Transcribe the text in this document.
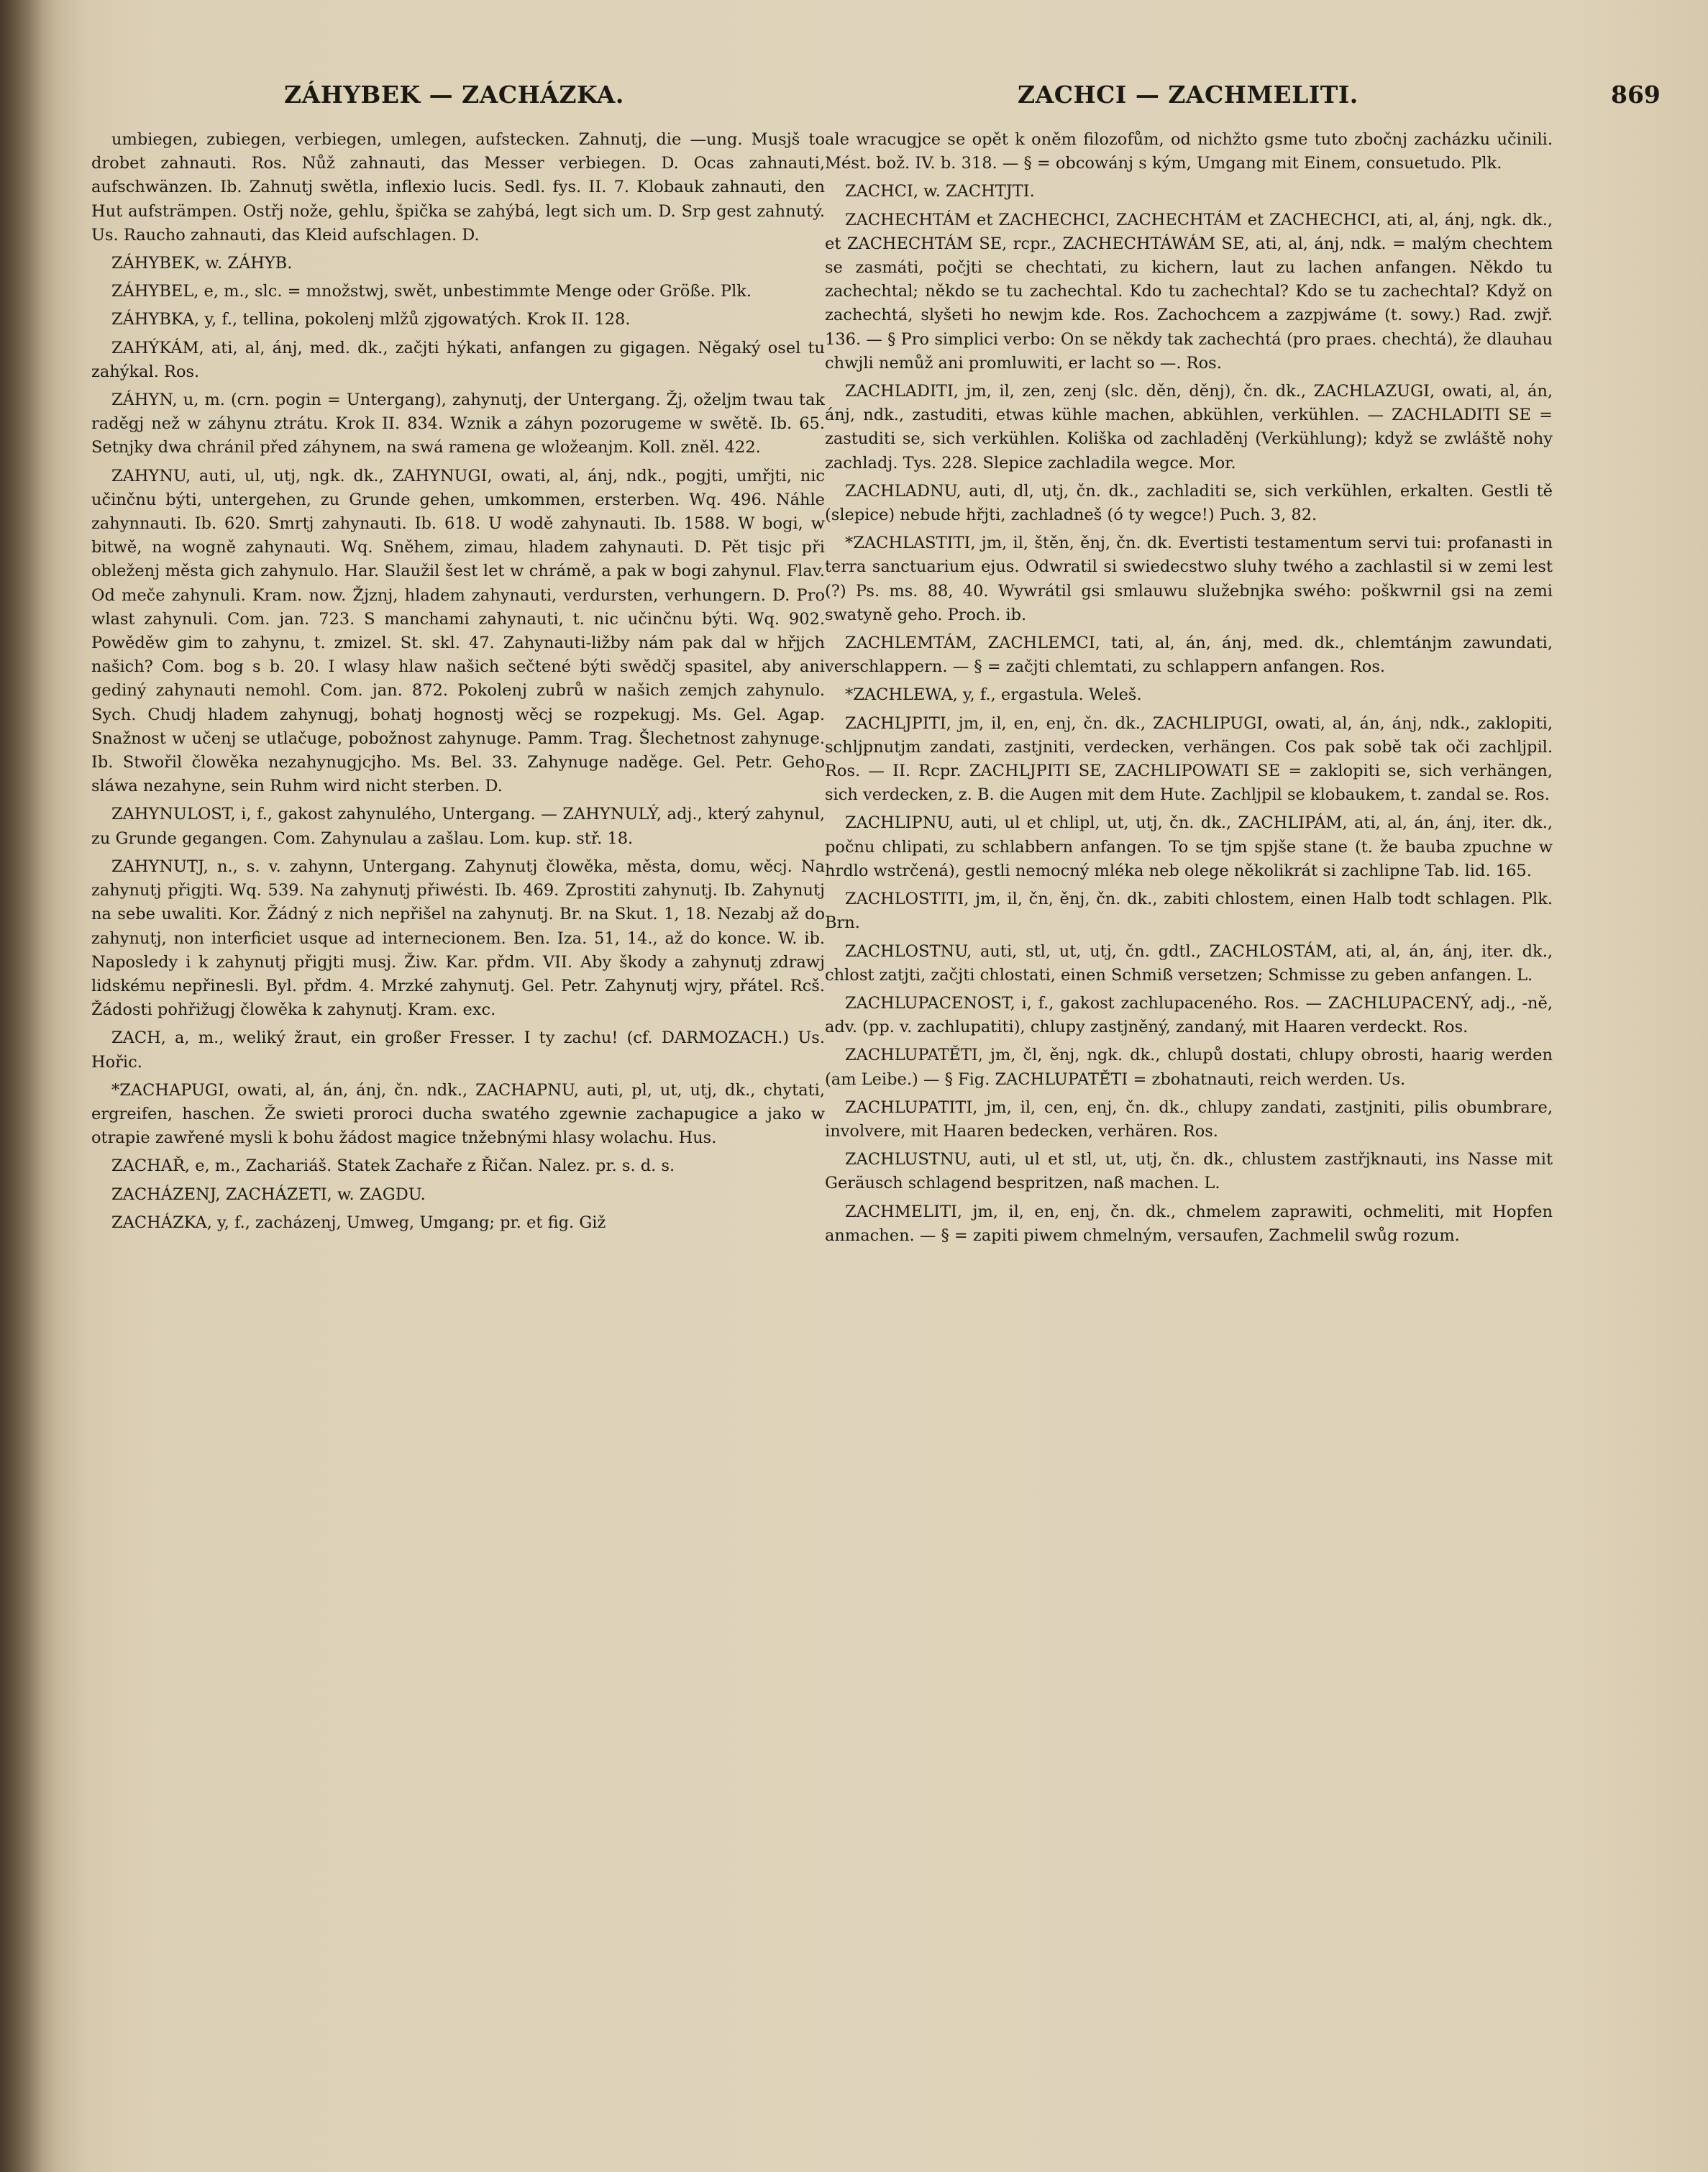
ZÁHYBEK — ZACHÁZKA.	ZACHCI — ZACHMELITI.	869

umbiegen, zubiegen, verbiegen, umlegen, aufstecken. Zahnutj, die —ung. Musjš to drobet zahnauti. Ros. Nůž zahnauti, das Messer verbiegen. D. Ocas zahnauti, aufschwänzen. Ib. Zahnutj swětla, inflexio lucis. Sedl. fys. II. 7. Klobauk zahnauti, den Hut aufsträmpen. Ostřj nože, gehlu, špička se zahýbá, legt sich um. D. Srp gest zahnutý. Us. Raucho zahnauti, das Kleid aufschlagen. D.

ZÁHYBEK, w. ZÁHYB.

ZÁHYBEL, e, m., slc. = množstwj, swět, unbestimmte Menge oder Größe. Plk.

ZÁHYBKA, y, f., tellina, pokolenj mlžů zjgowatých. Krok II. 128.

ZAHÝKÁM, ati, al, ánj, med. dk., začjti hýkati, anfangen zu gigagen. Něgaký osel tu zahýkal. Ros.

ZÁHYN, u, m. (crn. pogin = Untergang), zahynutj, der Untergang. Žj, oželjm twau tak raděgj než w záhynu ztrátu. Krok II. 834. Wznik a záhyn pozorugeme w swětě. Ib. 65. Setnjky dwa chránil před záhynem, na swá ramena ge wložeanjm. Koll. zněl. 422.

ZAHYNU, auti, ul, utj, ngk. dk., ZAHYNUGI, owati, al, ánj, ndk., pogjti, umřjti, nic učinčnu býti, untergehen, zu Grunde gehen, umkommen, ersterben. Wq. 496. Náhle zahynnauti. Ib. 620. Smrtj zahynauti. Ib. 618. U wodě zahynauti. Ib. 1588. W bogi, w bitwě, na wogně zahynauti. Wq. Sněhem, zimau, hladem zahynauti. D. Pět tisjc při obleženj města gich zahynulo. Har. Slaužil šest let w chrámě, a pak w bogi zahynul. Flav. Od meče zahynuli. Kram. now. Žjznj, hladem zahynauti, verdursten, verhungern. D. Pro wlast zahynuli. Com. jan. 723. S manchami zahynauti, t. nic učinčnu býti. Wq. 902. Powěděw gim to zahynu, t. zmizel. St. skl. 47. Zahynauti-ližby nám pak dal w hřjjch našich? Com. bog s b. 20. I wlasy hlaw našich sečtené býti swědčj spasitel, aby ani gediný zahynauti nemohl. Com. jan. 872. Pokolenj zubrů w našich zemjch zahynulo. Sych. Chudj hladem zahynugj, bohatj hognostj wěcj se rozpekugj. Ms. Gel. Agap. Snažnost w učenj se utlačuge, pobožnost zahynuge. Pamm. Trag. Šlechetnost zahynuge. Ib. Stwořil člowěka nezahynugjcjho. Ms. Bel. 33. Zahynuge naděge. Gel. Petr. Geho sláwa nezahyne, sein Ruhm wird nicht sterben. D.

ZAHYNULOST, i, f., gakost zahynulého, Untergang. — ZAHYNULÝ, adj., který zahynul, zu Grunde gegangen. Com. Zahynulau a zašlau. Lom. kup. stř. 18.

ZAHYNUTJ, n., s. v. zahynn, Untergang. Zahynutj člowěka, města, domu, wěcj. Na zahynutj přigjti. Wq. 539. Na zahynutj přiwésti. Ib. 469. Zprostiti zahynutj. Ib. Zahynutj na sebe uwaliti. Kor. Žádný z nich nepřišel na zahynutj. Br. na Skut. 1, 18. Nezabj až do zahynutj, non interficiet usque ad internecionem. Ben. Iza. 51, 14., až do konce. W. ib. Naposledy i k zahynutj přigjti musj. Žiw. Kar. přdm. VII. Aby škody a zahynutj zdrawj lidskému nepřinesli. Byl. přdm. 4. Mrzké zahynutj. Gel. Petr. Zahynutj wjry, přátel. Rcš. Žádosti pohřižugj člowěka k zahynutj. Kram. exc.

ZACH, a, m., weliký žraut, ein großer Fresser. I ty zachu! (cf. DARMOZACH.) Us. Hořic.

*ZACHAPUGI, owati, al, án, ánj, čn. ndk., ZACHAPNU, auti, pl, ut, utj, dk., chytati, ergreifen, haschen. Že swieti proroci ducha swatého zgewnie zachapugice a jako w otrapie zawřené mysli k bohu žádost magice tnžebnými hlasy wolachu. Hus.

ZACHAŘ, e, m., Zachariáš. Statek Zachaře z Řičan. Nalez. pr. s. d. s.

ZACHÁZENJ, ZACHÁZETI, w. ZAGDU.

ZACHÁZKA, y, f., zacházenj, Umweg, Umgang; pr. et fig. Giž

ale wracugjce se opět k oněm filozofům, od nichžto gsme tuto zbočnj zacházku učinili. Mést. bož. IV. b. 318. — § = obcowánj s kým, Umgang mit Einem, consuetudo. Plk.

ZACHCI, w. ZACHTJTI.

ZACHECHTÁM et ZACHECHCI, ZACHECHTÁM et ZACHECHCI, ati, al, ánj, ngk. dk., et ZACHECHTÁM SE, rcpr., ZACHECHTÁWÁM SE, ati, al, ánj, ndk. = malým chechtem se zasmáti, počjti se chechtati, zu kichern, laut zu lachen anfangen. Někdo tu zachechtal; někdo se tu zachechtal. Kdo tu zachechtal? Kdo se tu zachechtal? Když on zachechtá, slyšeti ho newjm kde. Ros. Zachochcem a zazpjwáme (t. sowy.) Rad. zwjř. 136. — § Pro simplici verbo: On se někdy tak zachechtá (pro praes. chechtá), že dlauhau chwjli nemůž ani promluwiti, er lacht so —. Ros.

ZACHLADITI, jm, il, zen, zenj (slc. děn, děnj), čn. dk., ZACHLAZUGI, owati, al, án, ánj, ndk., zastuditi, etwas kühle machen, abkühlen, verkühlen. — ZACHLADITI SE = zastuditi se, sich verkühlen. Koliška od zachladěnj (Verkühlung); když se zwláště nohy zachladj. Tys. 228. Slepice zachladila wegce. Mor.

ZACHLADNU, auti, dl, utj, čn. dk., zachladiti se, sich verkühlen, erkalten. Gestli tě (slepice) nebude hřjti, zachladneš (ó ty wegce!) Puch. 3, 82.

*ZACHLASTITI, jm, il, štěn, ěnj, čn. dk. Evertisti testamentum servi tui: profanasti in terra sanctuarium ejus. Odwratil si swiedecstwo sluhy twého a zachlastil si w zemi lest (?) Ps. ms. 88, 40. Wywrátil gsi smlauwu služebnjka swého: poškwrnil gsi na zemi swatyně geho. Proch. ib.

ZACHLEMTÁM, ZACHLEMCI, tati, al, án, ánj, med. dk., chlemtánjm zawundati, verschlappern. — § = začjti chlemtati, zu schlappern anfangen. Ros.

*ZACHLEWA, y, f., ergastula. Weleš.

ZACHLJPITI, jm, il, en, enj, čn. dk., ZACHLIPUGI, owati, al, án, ánj, ndk., zaklopiti, schljpnutjm zandati, zastjniti, verdecken, verhängen. Cos pak sobě tak oči zachljpil. Ros. — II. Rcpr. ZACHLJPITI SE, ZACHLIPOWATI SE = zaklopiti se, sich verhängen, sich verdecken, z. B. die Augen mit dem Hute. Zachljpil se klobaukem, t. zandal se. Ros.

ZACHLIPNU, auti, ul et chlipl, ut, utj, čn. dk., ZACHLIPÁM, ati, al, án, ánj, iter. dk., počnu chlipati, zu schlabbern anfangen. To se tjm spjše stane (t. že bauba zpuchne w hrdlo wstrčená), gestli nemocný mléka neb olege několikrát si zachlipne Tab. lid. 165.

ZACHLOSTITI, jm, il, čn, ěnj, čn. dk., zabiti chlostem, einen Halb todt schlagen. Plk. Brn.

ZACHLOSTNU, auti, stl, ut, utj, čn. gdtl., ZACHLOSTÁM, ati, al, án, ánj, iter. dk., chlost zatjti, začjti chlostati, einen Schmiß versetzen; Schmisse zu geben anfangen. L.

ZACHLUPACENOST, i, f., gakost zachlupaceného. Ros. — ZACHLUPACENÝ, adj., -ně, adv. (pp. v. zachlupatiti), chlupy zastjněný, zandaný, mit Haaren verdeckt. Ros.

ZACHLUPATĚTI, jm, čl, ěnj, ngk. dk., chlupů dostati, chlupy obrosti, haarig werden (am Leibe.) — § Fig. ZACHLUPATĚTI = zbohatnauti, reich werden. Us.

ZACHLUPATITI, jm, il, cen, enj, čn. dk., chlupy zandati, zastjniti, pilis obumbrare, involvere, mit Haaren bedecken, verhären. Ros.

ZACHLUSTNU, auti, ul et stl, ut, utj, čn. dk., chlustem zastřjknauti, ins Nasse mit Geräusch schlagend bespritzen, naß machen. L.

ZACHMELITI, jm, il, en, enj, čn. dk., chmelem zaprawiti, ochmeliti, mit Hopfen anmachen. — § = zapiti piwem chmelným, versaufen, Zachmelil swůg rozum.
